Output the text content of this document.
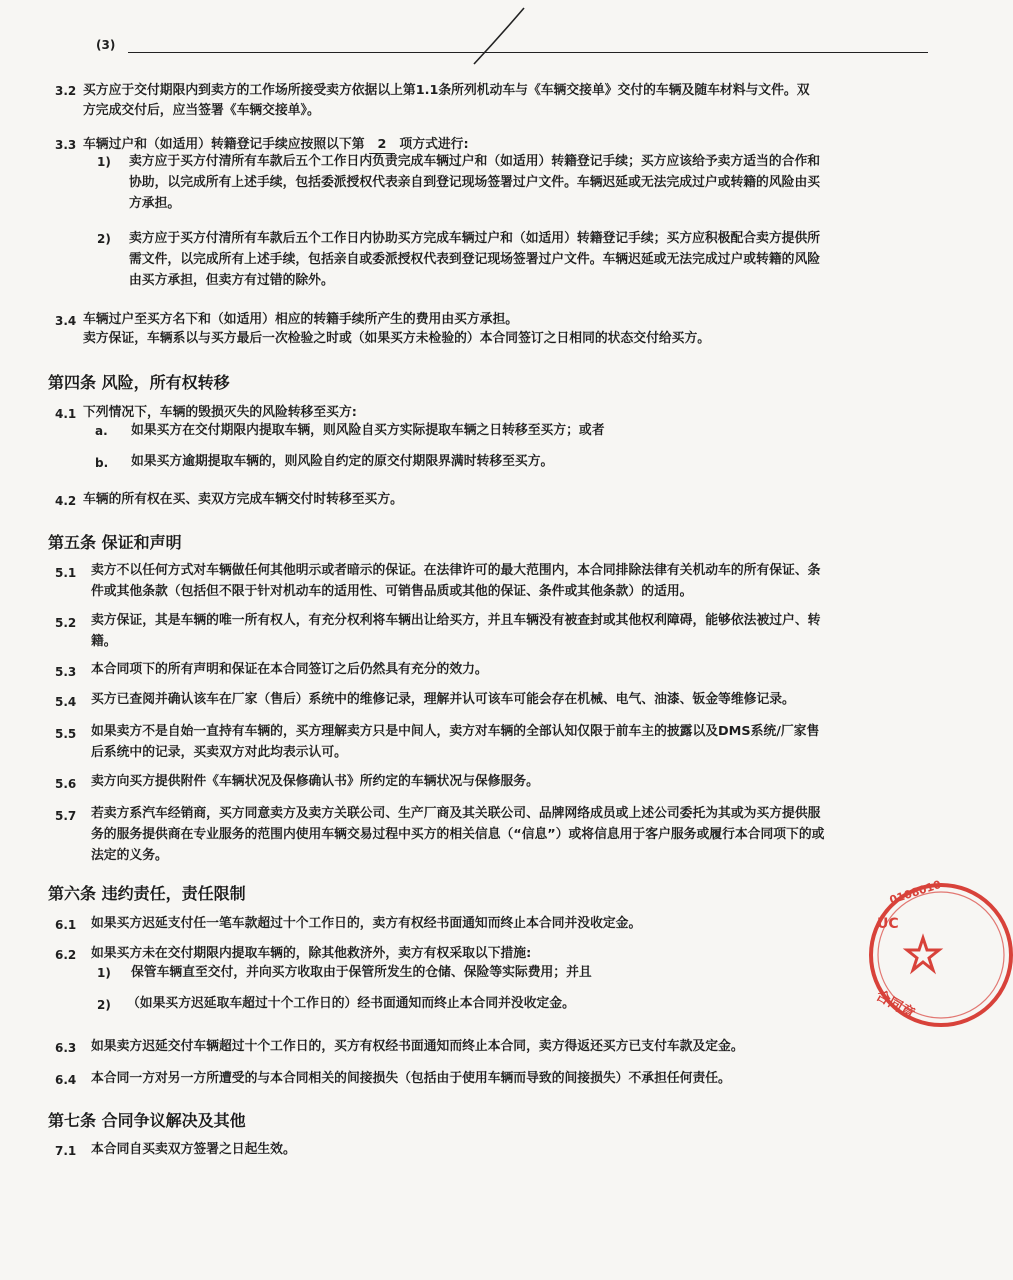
(3)
3.2 买方应于交付期限内到卖方的工作场所接受卖方依据以上第1.1条所列机动车与《车辆交接单》交付的车辆及随车材料与文件。双
方完成交付后，应当签署《车辆交接单》。
3.3 车辆过户和（如适用）转籍登记手续应按照以下第 2 项方式进行:
1) 卖方应于买方付清所有车款后五个工作日内负责完成车辆过户和（如适用）转籍登记手续；买方应该给予卖方适当的合作和
协助，以完成所有上述手续，包括委派授权代表亲自到登记现场签署过户文件。车辆迟延或无法完成过户或转籍的风险由买
方承担。
2) 卖方应于买方付清所有车款后五个工作日内协助买方完成车辆过户和（如适用）转籍登记手续；买方应积极配合卖方提供所
需文件，以完成所有上述手续，包括亲自或委派授权代表到登记现场签署过户文件。车辆迟延或无法完成过户或转籍的风险
由买方承担，但卖方有过错的除外。
3.4 车辆过户至买方名下和（如适用）相应的转籍手续所产生的费用由买方承担。
卖方保证，车辆系以与买方最后一次检验之时或（如果买方未检验的）本合同签订之日相同的状态交付给买方。
第四条 风险，所有权转移
4.1 下列情况下，车辆的毁损灭失的风险转移至买方:
a. 如果买方在交付期限内提取车辆，则风险自买方实际提取车辆之日转移至买方；或者
b. 如果买方逾期提取车辆的，则风险自约定的原交付期限界满时转移至买方。
4.2 车辆的所有权在买、卖双方完成车辆交付时转移至买方。
第五条 保证和声明
5.1 卖方不以任何方式对车辆做任何其他明示或者暗示的保证。在法律许可的最大范围内，本合同排除法律有关机动车的所有保证、条
件或其他条款（包括但不限于针对机动车的适用性、可销售品质或其他的保证、条件或其他条款）的适用。
5.2 卖方保证，其是车辆的唯一所有权人，有充分权利将车辆出让给买方，并且车辆没有被查封或其他权利障碍，能够依法被过户、转
籍。
5.3 本合同项下的所有声明和保证在本合同签订之后仍然具有充分的效力。
5.4 买方已查阅并确认该车在厂家（售后）系统中的维修记录，理解并认可该车可能会存在机械、电气、油漆、钣金等维修记录。
5.5 如果卖方不是自始一直持有车辆的，买方理解卖方只是中间人，卖方对车辆的全部认知仅限于前车主的披露以及DMS系统/厂家售
后系统中的记录，买卖双方对此均表示认可。
5.6 卖方向买方提供附件《车辆状况及保修确认书》所约定的车辆状况与保修服务。
5.7 若卖方系汽车经销商，买方同意卖方及卖方关联公司、生产厂商及其关联公司、品牌网络成员或上述公司委托为其或为买方提供服
务的服务提供商在专业服务的范围内使用车辆交易过程中买方的相关信息（“信息”）或将信息用于客户服务或履行本合同项下的或
法定的义务。
第六条 违约责任，责任限制
6.1 如果买方迟延支付任一笔车款超过十个工作日的，卖方有权经书面通知而终止本合同并没收定金。
6.2 如果买方未在交付期限内提取车辆的，除其他救济外，卖方有权采取以下措施:
1) 保管车辆直至交付，并向买方收取由于保管所发生的仓储、保险等实际费用；并且
2) （如果买方迟延取车超过十个工作日的）经书面通知而终止本合同并没收定金。
6.3 如果卖方迟延交付车辆超过十个工作日的，买方有权经书面通知而终止本合同，卖方得返还买方已支付车款及定金。
6.4 本合同一方对另一方所遭受的与本合同相关的间接损失（包括由于使用车辆而导致的间接损失）不承担任何责任。
第七条 合同争议解决及其他
7.1 本合同自买卖双方签署之日起生效。
0108010
UC
合同章
